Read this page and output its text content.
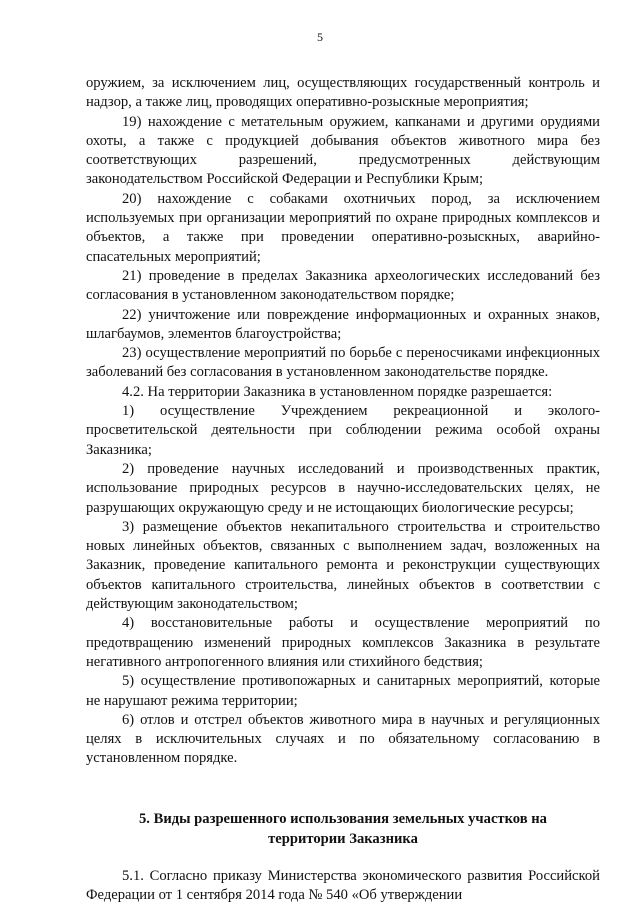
5

оружием, за исключением лиц, осуществляющих государственный контроль и надзор, а также лиц, проводящих оперативно-розыскные мероприятия;

19) нахождение с метательным оружием, капканами и другими орудиями охоты, а также с продукцией добывания объектов животного мира без соответствующих разрешений, предусмотренных действующим законодательством Российской Федерации и Республики Крым;

20) нахождение с собаками охотничьих пород, за исключением используемых при организации мероприятий по охране природных комплексов и объектов, а также при проведении оперативно-розыскных, аварийно-спасательных мероприятий;

21) проведение в пределах Заказника археологических исследований без согласования в установленном законодательством порядке;

22) уничтожение или повреждение информационных и охранных знаков, шлагбаумов, элементов благоустройства;

23) осуществление мероприятий по борьбе с переносчиками инфекционных заболеваний без согласования в установленном законодательстве порядке.

4.2. На территории Заказника в установленном порядке разрешается:

1) осуществление Учреждением рекреационной и эколого-просветительской деятельности при соблюдении режима особой охраны Заказника;

2) проведение научных исследований и производственных практик, использование природных ресурсов в научно-исследовательских целях, не разрушающих окружающую среду и не истощающих биологические ресурсы;

3) размещение объектов некапитального строительства и строительство новых линейных объектов, связанных с выполнением задач, возложенных на Заказник, проведение капитального ремонта и реконструкции существующих объектов капитального строительства, линейных объектов в соответствии с действующим законодательством;

4) восстановительные работы и осуществление мероприятий по предотвращению изменений природных комплексов Заказника в результате негативного антропогенного влияния или стихийного бедствия;

5) осуществление противопожарных и санитарных мероприятий, которые не нарушают режима территории;

6) отлов и отстрел объектов животного мира в научных и регуляционных целях в исключительных случаях и по обязательному согласованию в установленном порядке.

5. Виды разрешенного использования земельных участков на
территории Заказника

5.1. Согласно приказу Министерства экономического развития Российской Федерации от 1 сентября 2014 года № 540 «Об утверждении
